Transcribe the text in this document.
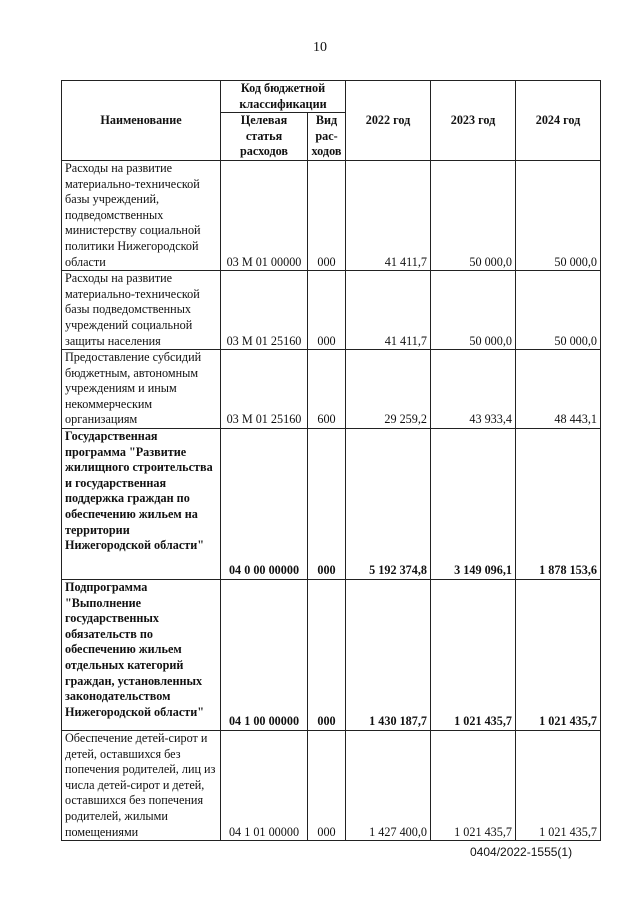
10
Наименование	Код бюджетной классификации		2022 год	2023 год	2024 год
	Целевая статья расходов	Вид рас-ходов			
Расходы на развитие материально-технической базы учреждений, подведомственных министерству социальной политики Нижегородской области	03 М 01 00000	000	41 411,7	50 000,0	50 000,0
Расходы на развитие материально-технической базы подведомственных учреждений социальной защиты населения	03 М 01 25160	000	41 411,7	50 000,0	50 000,0
Предоставление субсидий бюджетным, автономным учреждениям и иным некоммерческим организациям	03 М 01 25160	600	29 259,2	43 933,4	48 443,1
Государственная программа "Развитие жилищного строительства и государственная поддержка граждан по обеспечению жильем на территории Нижегородской области"	04 0 00 00000	000	5 192 374,8	3 149 096,1	1 878 153,6
Подпрограмма "Выполнение государственных обязательств по обеспечению жильем отдельных категорий граждан, установленных законодательством Нижегородской области"	04 1 00 00000	000	1 430 187,7	1 021 435,7	1 021 435,7
Обеспечение детей-сирот и детей, оставшихся без попечения родителей, лиц из числа детей-сирот и детей, оставшихся без попечения родителей, жилыми помещениями	04 1 01 00000	000	1 427 400,0	1 021 435,7	1 021 435,7
0404/2022-1555(1)
